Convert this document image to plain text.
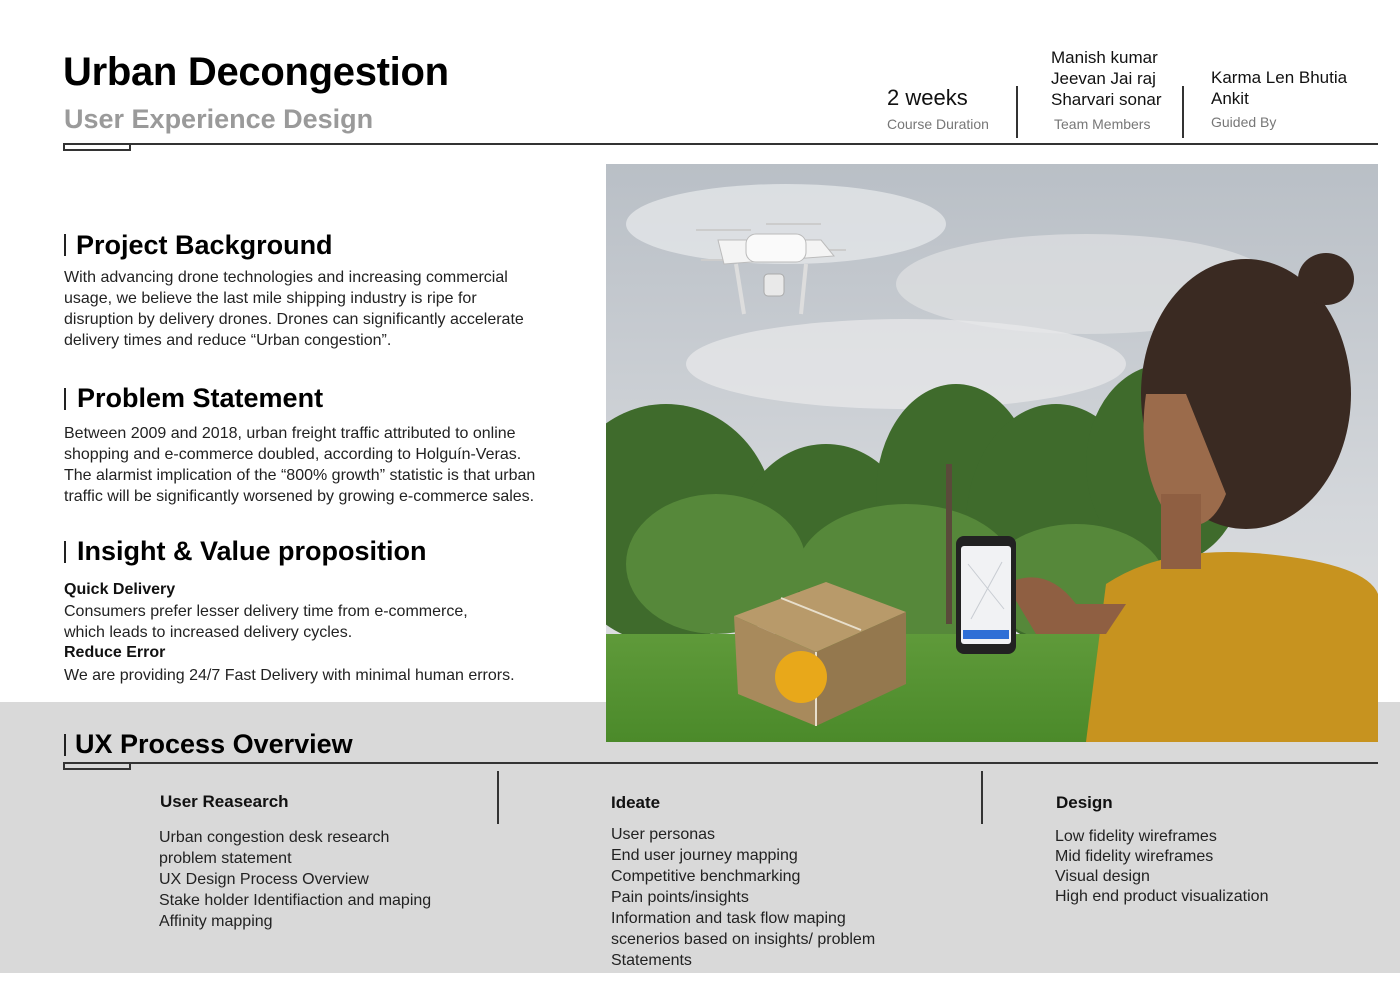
Urban Decongestion
User Experience Design
2 weeks
Course Duration
Manish kumar
Jeevan Jai raj
Sharvari sonar
Team Members
Karma Len Bhutia
Ankit
Guided By
Project Background
With advancing drone technologies and increasing commercial usage, we believe the last mile shipping industry is ripe for disruption by delivery drones. Drones can significantly accelerate delivery times and reduce “Urban congestion”.
Problem Statement
Between 2009 and 2018, urban freight traffic attributed to online shopping and e-commerce doubled, according to Holguín-Veras. The alarmist implication of the “800% growth” statistic is that urban traffic will be significantly worsened by growing e-commerce sales.
Insight & Value proposition
Quick Delivery
Consumers prefer lesser delivery time from e-commerce, which leads to increased delivery cycles.
Reduce Error
We are providing 24/7 Fast Delivery with minimal human errors.
UX Process Overview
User Reasearch
Urban congestion desk research
problem statement
UX Design Process Overview
Stake holder Identifiaction and maping
Affinity mapping
Ideate
User personas
End user journey mapping
Competitive benchmarking
Pain points/insights
Information and task flow maping
scenerios based on insights/ problem
Statements
Design
Low fidelity wireframes
Mid fidelity wireframes
Visual design
High end product visualization
